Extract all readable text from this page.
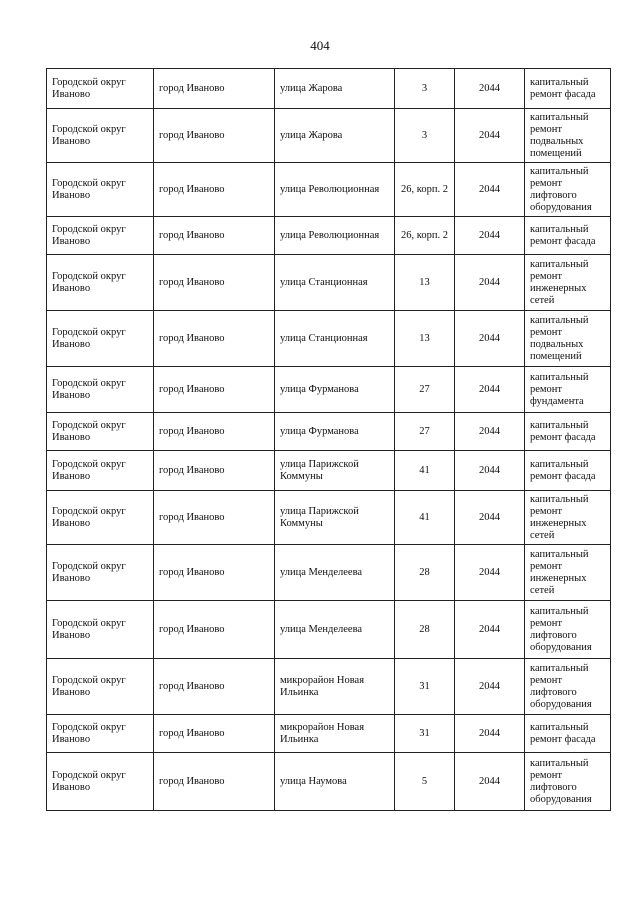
404
Городской округ Иваново	город Иваново	улица Жарова	3	2044	капитальный ремонт фасада
Городской округ Иваново	город Иваново	улица Жарова	3	2044	капитальный ремонт подвальных помещений
Городской округ Иваново	город Иваново	улица Революционная	26, корп. 2	2044	капитальный ремонт лифтового оборудования
Городской округ Иваново	город Иваново	улица Революционная	26, корп. 2	2044	капитальный ремонт фасада
Городской округ Иваново	город Иваново	улица Станционная	13	2044	капитальный ремонт инженерных сетей
Городской округ Иваново	город Иваново	улица Станционная	13	2044	капитальный ремонт подвальных помещений
Городской округ Иваново	город Иваново	улица Фурманова	27	2044	капитальный ремонт фундамента
Городской округ Иваново	город Иваново	улица Фурманова	27	2044	капитальный ремонт фасада
Городской округ Иваново	город Иваново	улица Парижской Коммуны	41	2044	капитальный ремонт фасада
Городской округ Иваново	город Иваново	улица Парижской Коммуны	41	2044	капитальный ремонт инженерных сетей
Городской округ Иваново	город Иваново	улица Менделеева	28	2044	капитальный ремонт инженерных сетей
Городской округ Иваново	город Иваново	улица Менделеева	28	2044	капитальный ремонт лифтового оборудования
Городской округ Иваново	город Иваново	микрорайон Новая Ильинка	31	2044	капитальный ремонт лифтового оборудования
Городской округ Иваново	город Иваново	микрорайон Новая Ильинка	31	2044	капитальный ремонт фасада
Городской округ Иваново	город Иваново	улица Наумова	5	2044	капитальный ремонт лифтового оборудования
